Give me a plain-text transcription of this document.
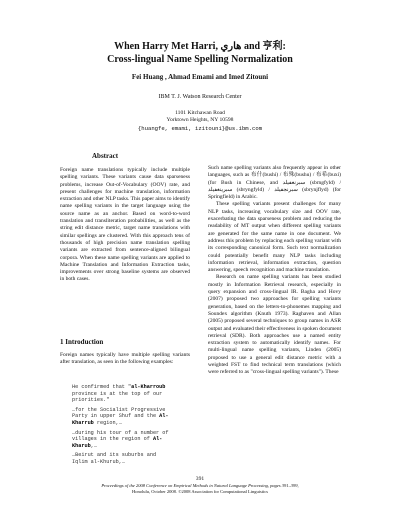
When Harry Met Harri, هاري and 亨利:
Cross-lingual Name Spelling Normalization
Fei Huang , Ahmad Emami and Imed Zitouni
IBM T. J. Watson Research Center
1101 Kitchawan Road
Yorktown Heights, NY 10598
{huangfe, emami, izitouni}@us.ibm.com
Abstract

Foreign name translations typically include multiple spelling variants. These variants cause data sparseness problems, increase Out-of-Vocabulary (OOV) rate, and present challenges for machine translation, information extraction and other NLP tasks. This paper aims to identify name spelling variants in the target language using the source name as an anchor. Based on word-to-word translation and transliteration probabilities, as well as the string edit distance metric, target name translations with similar spellings are clustered. With this approach tens of thousands of high precision name translation spelling variants are extracted from sentence-aligned bilingual corpora. When these name spelling variants are applied to Machine Translation and Information Extraction tasks, improvements over strong baseline systems are observed in both cases.

1 Introduction

Foreign names typically have multiple spelling variants after translation, as seen in the following examples:

He confirmed that "al-Kharroub province is at the top of our priorities."
…for the Socialist Progressive Party in upper Shuf and the Al-Kharrub region,…
…during his tour of a number of villages in the region of Al-Kharub,…
…Beirut and its suburbs and Iqlim al-Khurub,…

Such name spelling variants also frequently appear in other languages, such as 布什(bushi) / 布殊(bushu) / 布希(buxi) (for Bush in Chinese, and سبرنغفيلد (sbrngfyld) / سبرينغفيلد (sbryngfyld) / سبرنجفيلد (sbrynjflyd) (for Springfield) in Arabic.

These spelling variants present challenges for many NLP tasks, increasing vocabulary size and OOV rate, exacerbating the data sparseness problem and reducing the readability of MT output when different spelling variants are generated for the same name in one document. We address this problem by replacing each spelling variant with its corresponding canonical form. Such text normalization could potentially benefit many NLP tasks including information retrieval, information extraction, question answering, speech recognition and machine translation.

Research on name spelling variants has been studied mostly in Information Retrieval research, especially in query expansion and cross-lingual IR. Bagha and Hovy (2007) proposed two approaches for spelling variants generation, based on the letters-to-phonemes mapping and Soundex algorithm (Knuth 1973). Raghaven and Allan (2005) proposed several techniques to group names in ASR output and evaluated their effectiveness in spoken document retrieval (SDR). Both approaches use a named entity extraction system to automatically identify names. For multi-lingual name spelling variants, Linden (2005) proposed to use a general edit distance metric with a weighted FST to find technical term translations (which were referred to as "cross-lingual spelling variants"). These

391
Proceedings of the 2008 Conference on Empirical Methods in Natural Language Processing, pages 391–399,
Honolulu, October 2008. ©2008 Association for Computational Linguistics
